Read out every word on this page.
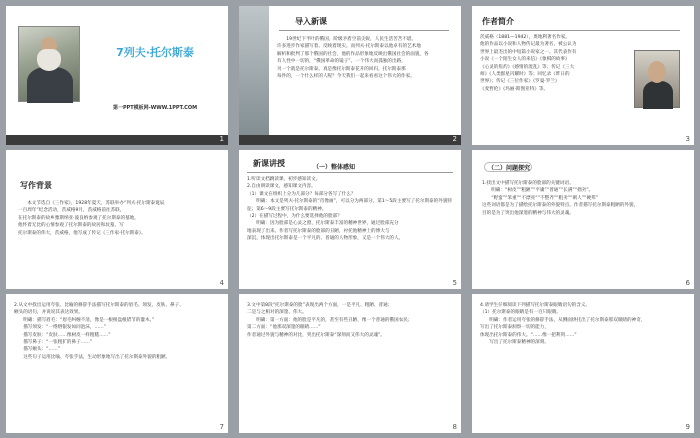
7列夫·托尔斯泰
第一PPT模板网-WWW.1PPT.COM
1
导入新课
　　19世纪下半叶的俄国，阶级矛盾空前尖锐，人民生活苦苦不堪。
许多进步作家描写着、反映着现实。而列夫·托尔斯泰以他卓有的艺术地
解析和批判了那个俄国的社会，他的作品形象地反映出俄国社会的面貌，各
有人性中一切的，“俄国革命的镜子”。一个伟大而孤独的出路，
另一个就是托尔斯泰。真是像托尔斯泰花开的回归，托尔斯泰那
每件的，一个什么样的人呢？今天我们一起来看看这个伟大的作家。
2
作者简介
茨威格（1881—1942），奥地利著名作家。
他的作品以小说和人物传记最为著名，被公认为
世界上最杰出的中短篇小说家之一。其代表作有
小说《一个陌生女人的来信》《象棋的故事》
《心灵的焦灼》《感情的混乱》等；传记《三大
师》《人类群星闪耀时》等；回忆录《昨日的
世界》；传记《三位作家》《罗曼·罗兰》
《麦哲伦》《玛丽·斯图亚特》等。
3
写作背景
　　本文节选自《三作家》，1928年夏天，苏联举办“列夫·托尔斯泰诞辰
一百周年”纪念活动，茨威格9月，茨威格前往苏联，
在托尔斯泰的故乡雅斯纳亚·波良纳参观了托尔斯泰的墓地，
他怀着无比的心情参观了托尔斯泰的故居和坟墓，写
托尔斯泰的伟大，茨威格，他写成了传记《三作家·托尔斯泰》。
4
新课讲授	（一）整体感知
1.听读文档跳读课，初步感知读文。
2.自由朗读课文，感知课文内容。
（1）课文在组织上分为几部分？每部分各写了什么？
　　明确：本文是列夫·托尔斯泰的“肖像画”，可以分为两部分。第1～5段主要写了托尔斯泰的外貌特征；第6～9段主要写托尔斯泰的精神。
（2）在描写过程中，为什么要选择他的脸部？
　　明确：因为脸部是心灵之窗，托尔斯泰丰富的精神世界，通过脸部充分
地表现了出来。作者写托尔斯泰的脸部的丑陋，衬托他精神上的博大与
深沉，体现出托尔斯泰是一个平凡的、普通的人物形象，又是一个伟大的人。
5
（二）问题探究
1.找出文中描写托尔斯泰的脸部的关键词语。
　　明确：“树皮”“粗陋”“平庸”“普通”“长满”“拙劣”。
　　“野蛮”“笨重”“不漂亮”“不整齐”“粗劣”“刺人”“硬邦”
这些词语都是为了描绘托尔斯泰的外貌特点。作者描写托尔斯泰粗陋的外貌，
目的是为了突出他深邃的精神与伟大的灵魂。
6
2.从文中找出运用夸张、比喻的修辞手法描写托尔斯泰的眉毛、须发、皮肤、鼻子、
额头的语句，并说说其表达效果。
　　明确：描写眉毛：“眉毛纠缠不清，像是一根根盘根错节的灌木。”
　　描写须发：“一绺绺银发如同泡沫，……”
　　描写皮肤：“皮肤……像树皮一样粗糙……”
　　描写鼻子：“一张粗犷的鼻子……”
　　描写额头：“……”
　　这些句子运用比喻、夸张手法，生动形象地写出了托尔斯泰外貌的粗陋。
7
3.文中第8段“托尔斯泰的脸”表现出两个方面，一是平凡、粗陋、普通；
二是与之相对的深邃、伟大。
　　明确：第一方面：他的脸是平凡的，甚至有些丑陋，像一个普通的俄国农民；
第二方面：“他那双深邃的眼睛……”
作者通过外貌与精神的对比，突出托尔斯泰“深刻而又伟大的灵魂”。
8
4.请学生仔细阅读下列描写托尔斯泰眼睛语句的含义。
（1）托尔斯泰的眼睛是有一百只眼睛。
　　明确：作者运用夸张的修辞手法，从侧面烘托出了托尔斯泰那双眼睛的神奇，
写出了托尔斯泰洞察一切的能力，
体现出托尔斯泰的伟大。“……像一把利剑……”
　　写出了托尔斯泰精神的深刻。
9
